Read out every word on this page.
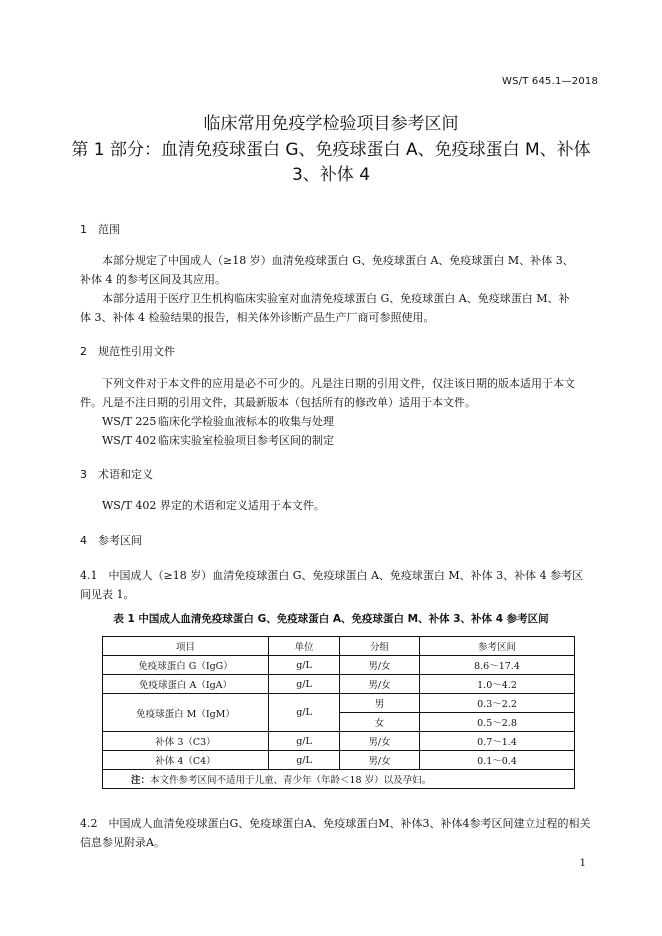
WS/T 645.1—2018
临床常用免疫学检验项目参考区间
第 1 部分：血清免疫球蛋白 G、免疫球蛋白 A、免疫球蛋白 M、补体
3、补体 4
1 范围
本部分规定了中国成人（≥18 岁）血清免疫球蛋白 G、免疫球蛋白 A、免疫球蛋白 M、补体 3、
补体 4 的参考区间及其应用。
本部分适用于医疗卫生机构临床实验室对血清免疫球蛋白 G、免疫球蛋白 A、免疫球蛋白 M、补
体 3、补体 4 检验结果的报告，相关体外诊断产品生产厂商可参照使用。
2 规范性引用文件
下列文件对于本文件的应用是必不可少的。凡是注日期的引用文件，仅注该日期的版本适用于本文
件。凡是不注日期的引用文件，其最新版本（包括所有的修改单）适用于本文件。
WS/T 225 临床化学检验血液标本的收集与处理
WS/T 402 临床实验室检验项目参考区间的制定
3 术语和定义
WS/T 402 界定的术语和定义适用于本文件。
4 参考区间
4.1　中国成人（≥18 岁）血清免疫球蛋白 G、免疫球蛋白 A、免疫球蛋白 M、补体 3、补体 4 参考区
间见表 1。
表 1 中国成人血清免疫球蛋白 G、免疫球蛋白 A、免疫球蛋白 M、补体 3、补体 4 参考区间
项目	单位	分组	参考区间
免疫球蛋白 G（IgG）	g/L	男/女	8.6～17.4
免疫球蛋白 A（IgA）	g/L	男/女	1.0～4.2
免疫球蛋白 M（IgM）	g/L	男	0.3～2.2
		女	0.5～2.8
补体 3（C3）	g/L	男/女	0.7～1.4
补体 4（C4）	g/L	男/女	0.1～0.4
注：本文件参考区间不适用于儿童、青少年（年龄＜18 岁）以及孕妇。			
4.2　中国成人血清免疫球蛋白G、免疫球蛋白A、免疫球蛋白M、补体3、补体4参考区间建立过程的相关
信息参见附录A。
1
